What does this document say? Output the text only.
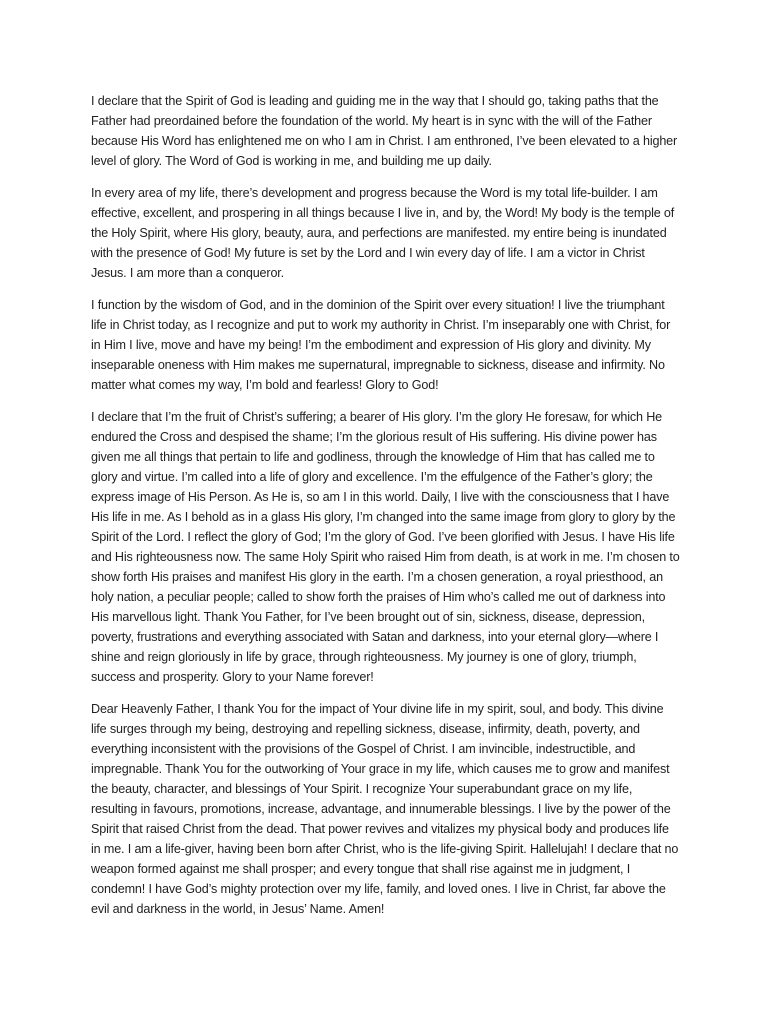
I declare that the Spirit of God is leading and guiding me in the way that I should go, taking paths that the Father had preordained before the foundation of the world. My heart is in sync with the will of the Father because His Word has enlightened me on who I am in Christ. I am enthroned, I’ve been elevated to a higher level of glory. The Word of God is working in me, and building me up daily.

In every area of my life, there’s development and progress because the Word is my total life-builder. I am effective, excellent, and prospering in all things because I live in, and by, the Word! My body is the temple of the Holy Spirit, where His glory, beauty, aura, and perfections are manifested. my entire being is inundated with the presence of God! My future is set by the Lord and I win every day of life. I am a victor in Christ Jesus. I am more than a conqueror.

I function by the wisdom of God, and in the dominion of the Spirit over every situation! I live the triumphant life in Christ today, as I recognize and put to work my authority in Christ. I’m inseparably one with Christ, for in Him I live, move and have my being! I’m the embodiment and expression of His glory and divinity. My inseparable oneness with Him makes me supernatural, impregnable to sickness, disease and infirmity. No matter what comes my way, I’m bold and fearless! Glory to God!

I declare that I’m the fruit of Christ’s suffering; a bearer of His glory. I’m the glory He foresaw, for which He endured the Cross and despised the shame; I’m the glorious result of His suffering. His divine power has given me all things that pertain to life and godliness, through the knowledge of Him that has called me to glory and virtue. I’m called into a life of glory and excellence. I’m the effulgence of the Father’s glory; the express image of His Person. As He is, so am I in this world. Daily, I live with the consciousness that I have His life in me. As I behold as in a glass His glory, I’m changed into the same image from glory to glory by the Spirit of the Lord. I reflect the glory of God; I’m the glory of God. I’ve been glorified with Jesus. I have His life and His righteousness now. The same Holy Spirit who raised Him from death, is at work in me. I’m chosen to show forth His praises and manifest His glory in the earth. I’m a chosen generation, a royal priesthood, an holy nation, a peculiar people; called to show forth the praises of Him who’s called me out of darkness into His marvellous light. Thank You Father, for I’ve been brought out of sin, sickness, disease, depression, poverty, frustrations and everything associated with Satan and darkness, into your eternal glory—where I shine and reign gloriously in life by grace, through righteousness. My journey is one of glory, triumph, success and prosperity. Glory to your Name forever!

Dear Heavenly Father, I thank You for the impact of Your divine life in my spirit, soul, and body. This divine life surges through my being, destroying and repelling sickness, disease, infirmity, death, poverty, and everything inconsistent with the provisions of the Gospel of Christ. I am invincible, indestructible, and impregnable. Thank You for the outworking of Your grace in my life, which causes me to grow and manifest the beauty, character, and blessings of Your Spirit. I recognize Your superabundant grace on my life, resulting in favours, promotions, increase, advantage, and innumerable blessings. I live by the power of the Spirit that raised Christ from the dead. That power revives and vitalizes my physical body and produces life in me. I am a life-giver, having been born after Christ, who is the life-giving Spirit. Hallelujah! I declare that no weapon formed against me shall prosper; and every tongue that shall rise against me in judgment, I condemn! I have God’s mighty protection over my life, family, and loved ones. I live in Christ, far above the evil and darkness in the world, in Jesus’ Name. Amen!
